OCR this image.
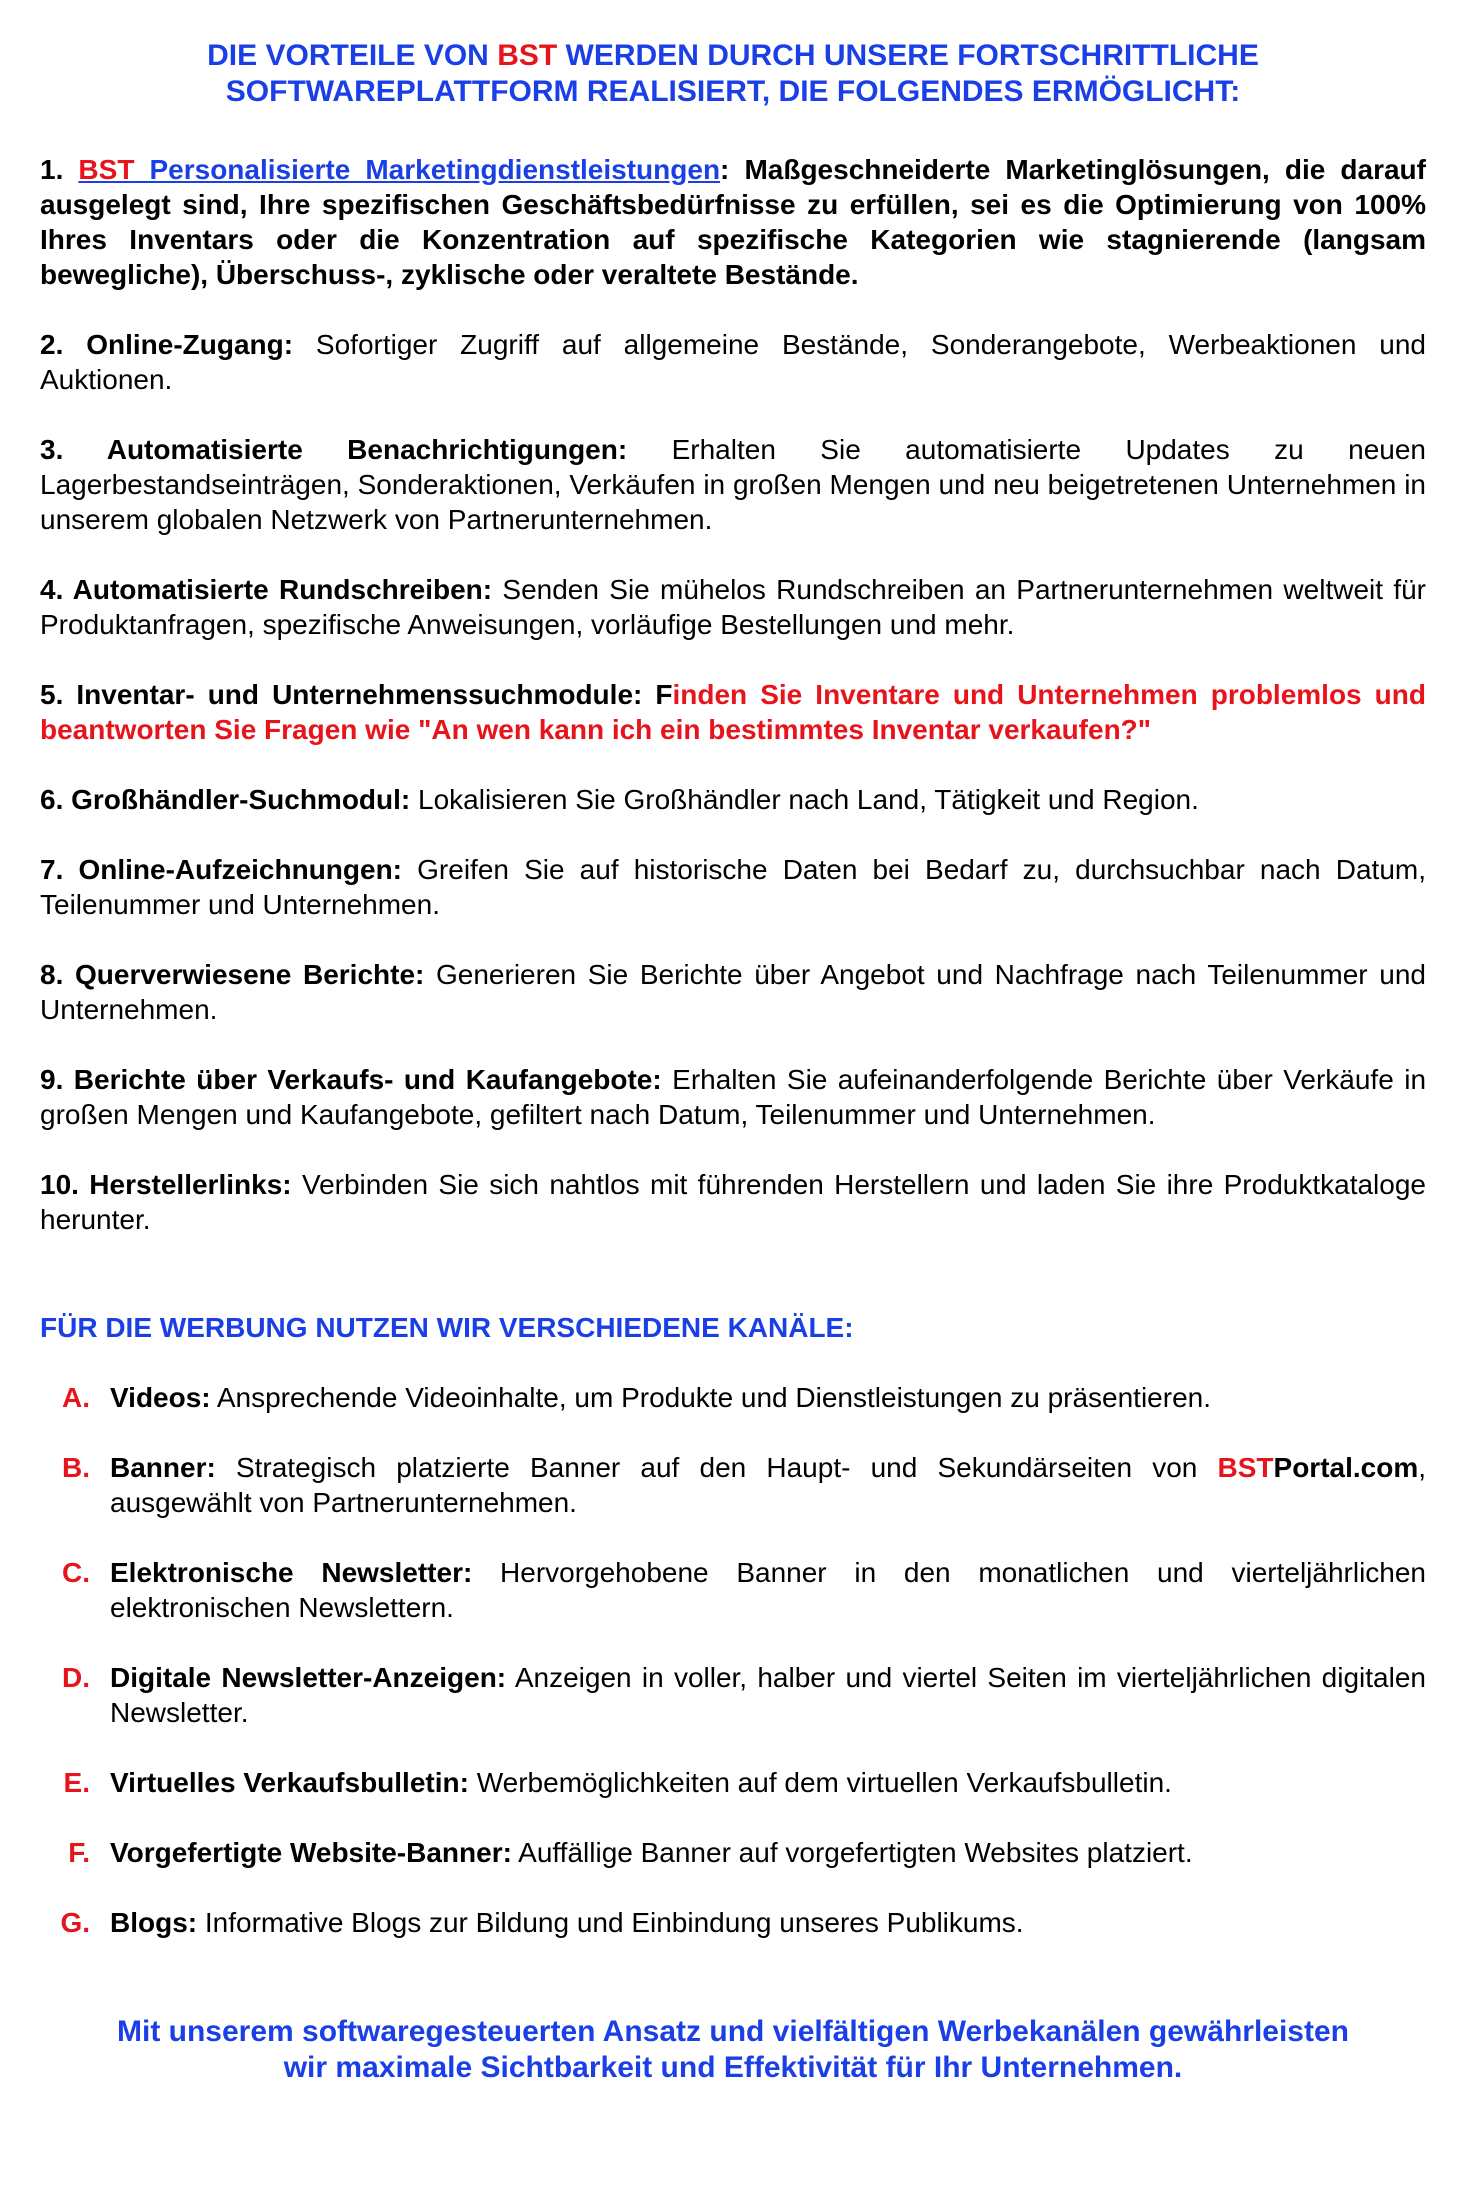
DIE VORTEILE VON BST WERDEN DURCH UNSERE FORTSCHRITTLICHE
SOFTWAREPLATTFORM REALISIERT, DIE FOLGENDES ERMÖGLICHT:
1. BST Personalisierte Marketingdienstleistungen: Maßgeschneiderte Marketinglösungen, die darauf ausgelegt sind, Ihre spezifischen Geschäftsbedürfnisse zu erfüllen, sei es die Optimierung von 100% Ihres Inventars oder die Konzentration auf spezifische Kategorien wie stagnierende (langsam bewegliche), Überschuss-, zyklische oder veraltete Bestände.
2. Online-Zugang: Sofortiger Zugriff auf allgemeine Bestände, Sonderangebote, Werbeaktionen und Auktionen.
3. Automatisierte Benachrichtigungen: Erhalten Sie automatisierte Updates zu neuen Lagerbestandseinträgen, Sonderaktionen, Verkäufen in großen Mengen und neu beigetretenen Unternehmen in unserem globalen Netzwerk von Partnerunternehmen.
4. Automatisierte Rundschreiben: Senden Sie mühelos Rundschreiben an Partnerunternehmen weltweit für Produktanfragen, spezifische Anweisungen, vorläufige Bestellungen und mehr.
5. Inventar- und Unternehmenssuchmodule: Finden Sie Inventare und Unternehmen problemlos und beantworten Sie Fragen wie "An wen kann ich ein bestimmtes Inventar verkaufen?"
6. Großhändler-Suchmodul: Lokalisieren Sie Großhändler nach Land, Tätigkeit und Region.
7. Online-Aufzeichnungen: Greifen Sie auf historische Daten bei Bedarf zu, durchsuchbar nach Datum, Teilenummer und Unternehmen.
8. Querverwiesene Berichte: Generieren Sie Berichte über Angebot und Nachfrage nach Teilenummer und Unternehmen.
9. Berichte über Verkaufs- und Kaufangebote: Erhalten Sie aufeinanderfolgende Berichte über Verkäufe in großen Mengen und Kaufangebote, gefiltert nach Datum, Teilenummer und Unternehmen.
10. Herstellerlinks: Verbinden Sie sich nahtlos mit führenden Herstellern und laden Sie ihre Produktkataloge herunter.
FÜR DIE WERBUNG NUTZEN WIR VERSCHIEDENE KANÄLE:
A. Videos: Ansprechende Videoinhalte, um Produkte und Dienstleistungen zu präsentieren.
B. Banner: Strategisch platzierte Banner auf den Haupt- und Sekundärseiten von BSTPortal.com, ausgewählt von Partnerunternehmen.
C. Elektronische Newsletter: Hervorgehobene Banner in den monatlichen und vierteljährlichen elektronischen Newslettern.
D. Digitale Newsletter-Anzeigen: Anzeigen in voller, halber und viertel Seiten im vierteljährlichen digitalen Newsletter.
E. Virtuelles Verkaufsbulletin: Werbemöglichkeiten auf dem virtuellen Verkaufsbulletin.
F. Vorgefertigte Website-Banner: Auffällige Banner auf vorgefertigten Websites platziert.
G. Blogs: Informative Blogs zur Bildung und Einbindung unseres Publikums.
Mit unserem softwaregesteuerten Ansatz und vielfältigen Werbekanälen gewährleisten
wir maximale Sichtbarkeit und Effektivität für Ihr Unternehmen.
